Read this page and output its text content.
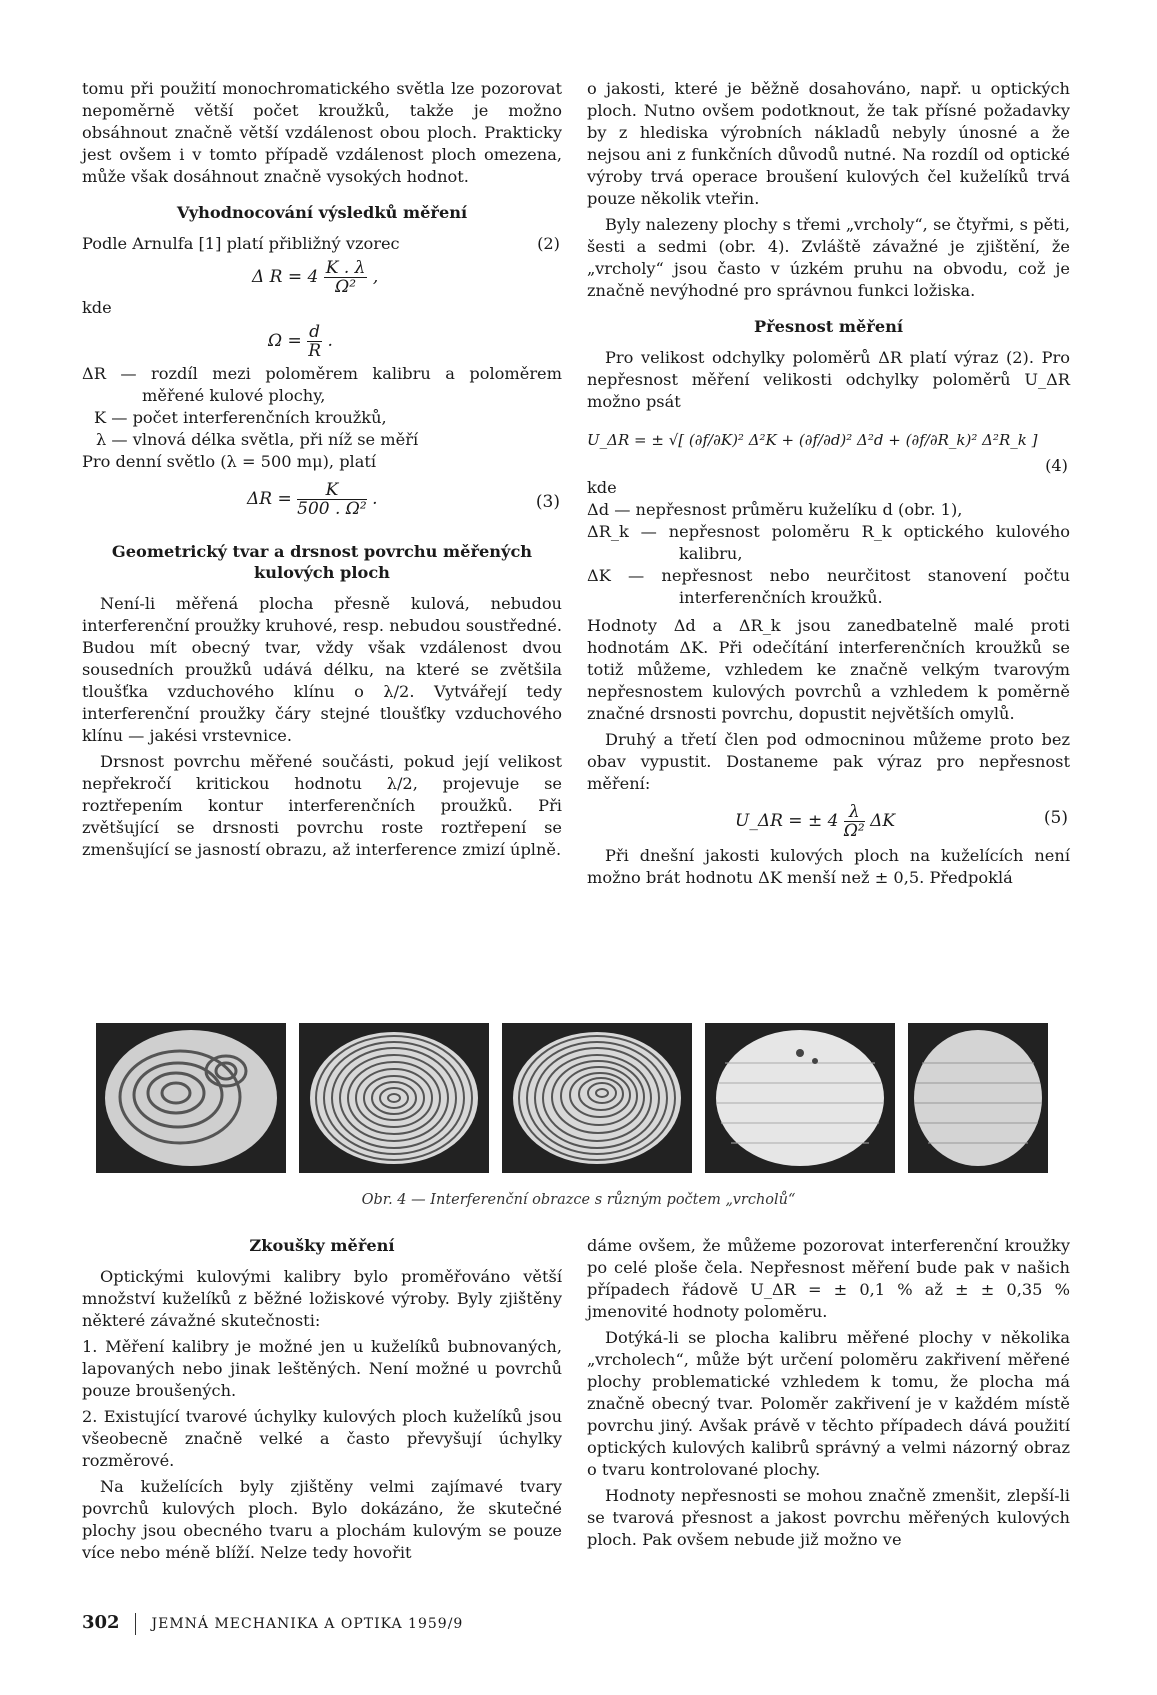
tomu při použití monochromatického světla lze pozorovat nepoměrně větší počet kroužků, takže je možno obsáhnout značně větší vzdálenost obou ploch. Prakticky jest ovšem i v tomto případě vzdálenost ploch omezena, může však dosáhnout značně vysokých hodnot.

Vyhodnocování výsledků měření
Podle Arnulfa [1] platí přibližný vzorec	(2)
Δ $R = 4 \frac{K . \lambda}{\text{Ω²}}$ ,
kde
$\Omega = \frac{d}{R}$ .
ΔR — rozdíl mezi poloměrem kalibru a poloměrem měřené kulové plochy,
K — počet interferenčních kroužků,
λ — vlnová délka světla, při níž se měří

Pro denní světlo (λ = 500 mμ), platí

$\Delta R = \frac{K}{\text{500 . Ω²}}$ .	(3)
Geometrický tvar a drsnost povrchu měřených kulových ploch

Není-li měřená plocha přesně kulová, nebudou interferenční proužky kruhové, resp. nebudou soustředné. Budou mít obecný tvar, vždy však vzdálenost dvou sousedních proužků udává délku, na které se zvětšila tloušťka vzduchového klínu o λ/2. Vytvářejí tedy interferenční proužky čáry stejné tloušťky vzduchového klínu — jakési vrstevnice.

Drsnost povrchu měřené součásti, pokud její velikost nepřekročí kritickou hodnotu λ/2, projevuje se roztřepením kontur interferenčních proužků. Při zvětšující se drsnosti povrchu roste roztřepení se zmenšující se jasností obrazu, až interference zmizí úplně.

o jakosti, které je běžně dosahováno, např. u optických ploch. Nutno ovšem podotknout, že tak přísné požadavky by z hlediska výrobních nákladů nebyly únosné a že nejsou ani z funkčních důvodů nutné. Na rozdíl od optické výroby trvá operace broušení kulových čel kuželíků trvá pouze několik vteřin.

Byly nalezeny plochy s třemi „vrcholy“, se čtyřmi, s pěti, šesti a sedmi (obr. 4). Zvláště závažné je zjištění, že „vrcholy“ jsou často v úzkém pruhu na obvodu, což je značně nevýhodné pro správnou funkci ložiska.

Přesnost měření

Pro velikost odchylky poloměrů ΔR platí výraz (2). Pro nepřesnost měření velikosti odchylky poloměrů U_ΔR možno psát

U_ΔR = ± √[ (∂f/∂K)² Δ²K + (∂f/∂d)² Δ²d + (∂f/∂R_k)² Δ²R_k ]
(4)
kde
Δd — nepřesnost průměru kuželíku d (obr. 1),
ΔR_k — nepřesnost poloměru R_k optického kulového kalibru,
ΔK — nepřesnost nebo neurčitost stanovení počtu interferenčních kroužků.

Hodnoty Δd a ΔR_k jsou zanedbatelně malé proti hodnotám ΔK. Při odečítání interferenčních kroužků se totiž můžeme, vzhledem ke značně velkým tvarovým nepřesnostem kulových povrchů a vzhledem k poměrně značné drsnosti povrchu, dopustit největších omylů.

Druhý a třetí člen pod odmocninou můžeme proto bez obav vypustit. Dostaneme pak výraz pro nepřesnost měření:

U_ΔR = ± $4 \frac{\lambda}{\text{Ω²}}$ ΔK	(5)

Při dnešní jakosti kulových ploch na kuželících není možno brát hodnotu ΔK menší než ± 0,5. Předpoklá

Obr. 4 — Interferenční obrazce s různým počtem „vrcholů“
Zkoušky měření

Optickými kulovými kalibry bylo proměřováno větší množství kuželíků z běžné ložiskové výroby. Byly zjištěny některé závažné skutečnosti:

1. Měření kalibry je možné jen u kuželíků bubnovaných, lapovaných nebo jinak leštěných. Není možné u povrchů pouze broušených.

2. Existující tvarové úchylky kulových ploch kuželíků jsou všeobecně značně velké a často převyšují úchylky rozměrové.

Na kuželících byly zjištěny velmi zajímavé tvary povrchů kulových ploch. Bylo dokázáno, že skutečné plochy jsou obecného tvaru a plochám kulovým se pouze více nebo méně blíží. Nelze tedy hovořit

dáme ovšem, že můžeme pozorovat interferenční kroužky po celé ploše čela. Nepřesnost měření bude pak v našich případech řádově U_ΔR = ± 0,1 % až ± ± 0,35 % jmenovité hodnoty poloměru.

Dotýká-li se plocha kalibru měřené plochy v několika „vrcholech“, může být určení poloměru zakřivení měřené plochy problematické vzhledem k tomu, že plocha má značně obecný tvar. Poloměr zakřivení je v každém místě povrchu jiný. Avšak právě v těchto případech dává použití optických kulových kalibrů správný a velmi názorný obraz o tvaru kontrolované plochy.

Hodnoty nepřesnosti se mohou značně zmenšit, zlepší-li se tvarová přesnost a jakost povrchu měřených kulových ploch. Pak ovšem nebude již možno ve

302 JEMNÁ MECHANIKA A OPTIKA 1959/9
